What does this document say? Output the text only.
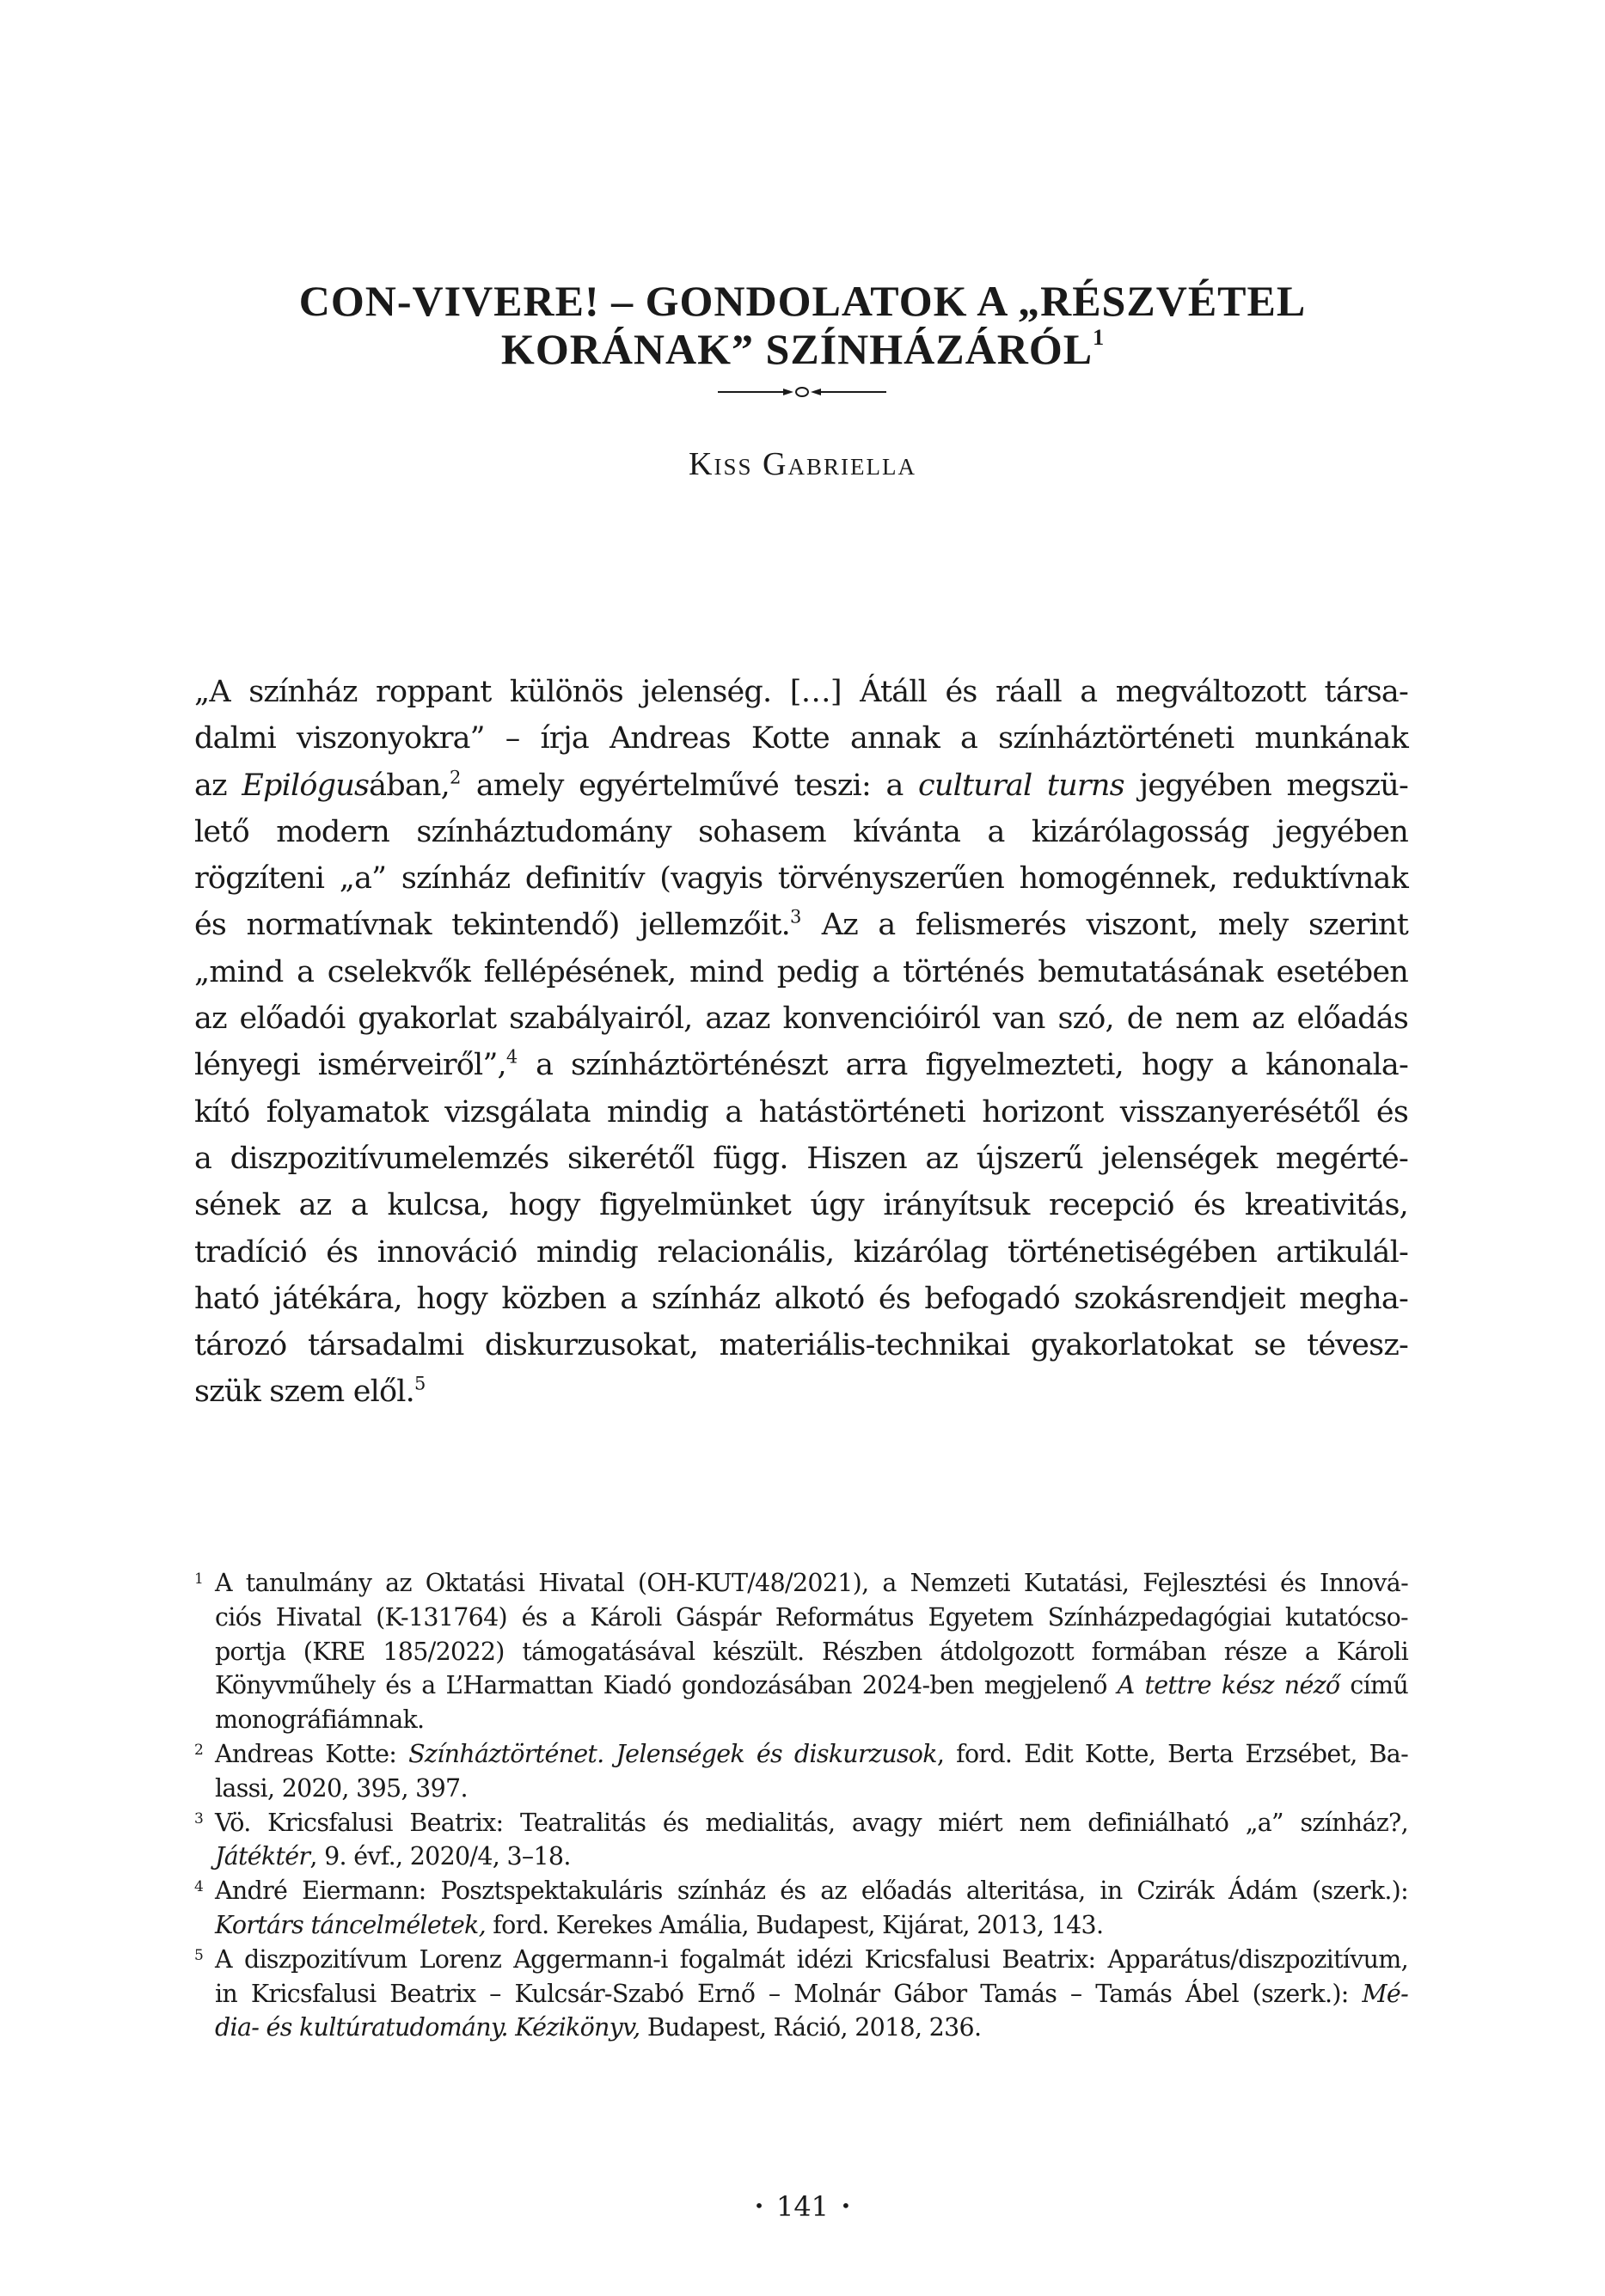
CON-VIVERE! – GONDOLATOK A „RÉSZVÉTEL
KORÁNAK” SZÍNHÁZÁRÓL$^1$
Kiss Gabriella

„A színház roppant különös jelenség. […] Átáll és ráall a megváltozott társa-
dalmi viszonyokra” – írja Andreas Kotte annak a színháztörténeti munkának
az Epilógusában,$^2$ amely egyértelművé teszi: a cultural turns jegyében megszü-
lető modern színháztudomány sohasem kívánta a kizárólagosság jegyében
rögzíteni „a” színház definitív (vagyis törvényszerűen homogénnek, reduktívnak
és normatívnak tekintendő) jellemzőit.$^3$ Az a felismerés viszont, mely szerint
„mind a cselekvők fellépésének, mind pedig a történés bemutatásának esetében
az előadói gyakorlat szabályairól, azaz konvencióiról van szó, de nem az előadás
lényegi ismérveiről”,$^4$ a színháztörténészt arra figyelmezteti, hogy a kánonala-
kító folyamatok vizsgálata mindig a hatástörténeti horizont visszanyerésétől és
a diszpozitívumelemzés sikerétől függ. Hiszen az újszerű jelenségek megérté-
sének az a kulcsa, hogy figyelmünket úgy irányítsuk recepció és kreativitás,
tradíció és innováció mindig relacionális, kizárólag történetiségében artikulál-
ható játékára, hogy közben a színház alkotó és befogadó szokásrendjeit megha-
tározó társadalmi diskurzusokat, materiális-technikai gyakorlatokat se tévesz-
szük szem elől.$^5$

1 A tanulmány az Oktatási Hivatal (OH-KUT/48/2021), a Nemzeti Kutatási, Fejlesztési és Innová-
ciós Hivatal (K-131764) és a Károli Gáspár Református Egyetem Színházpedagógiai kutatócso-
portja (KRE 185/2022) támogatásával készült. Részben átdolgozott formában része a Károli
Könyvműhely és a L’Harmattan Kiadó gondozásában 2024-ben megjelenő A tettre kész néző című
monográfiámnak.
2 Andreas Kotte: Színháztörténet. Jelenségek és diskurzusok, ford. Edit Kotte, Berta Erzsébet, Ba-
lassi, 2020, 395, 397.
3 Vö. Kricsfalusi Beatrix: Teatralitás és medialitás, avagy miért nem definiálható „a” színház?,
Játéktér, 9. évf., 2020/4, 3–18.
4 André Eiermann: Posztspektakuláris színház és az előadás alteritása, in Czirák Ádám (szerk.):
Kortárs táncelméletek, ford. Kerekes Amália, Budapest, Kijárat, 2013, 143.
5 A diszpozitívum Lorenz Aggermann-i fogalmát idézi Kricsfalusi Beatrix: Apparátus/diszpozitívum,
in Kricsfalusi Beatrix – Kulcsár-Szabó Ernő – Molnár Gábor Tamás – Tamás Ábel (szerk.): Mé-
dia- és kultúratudomány. Kézikönyv, Budapest, Ráció, 2018, 236.
• 141 •
